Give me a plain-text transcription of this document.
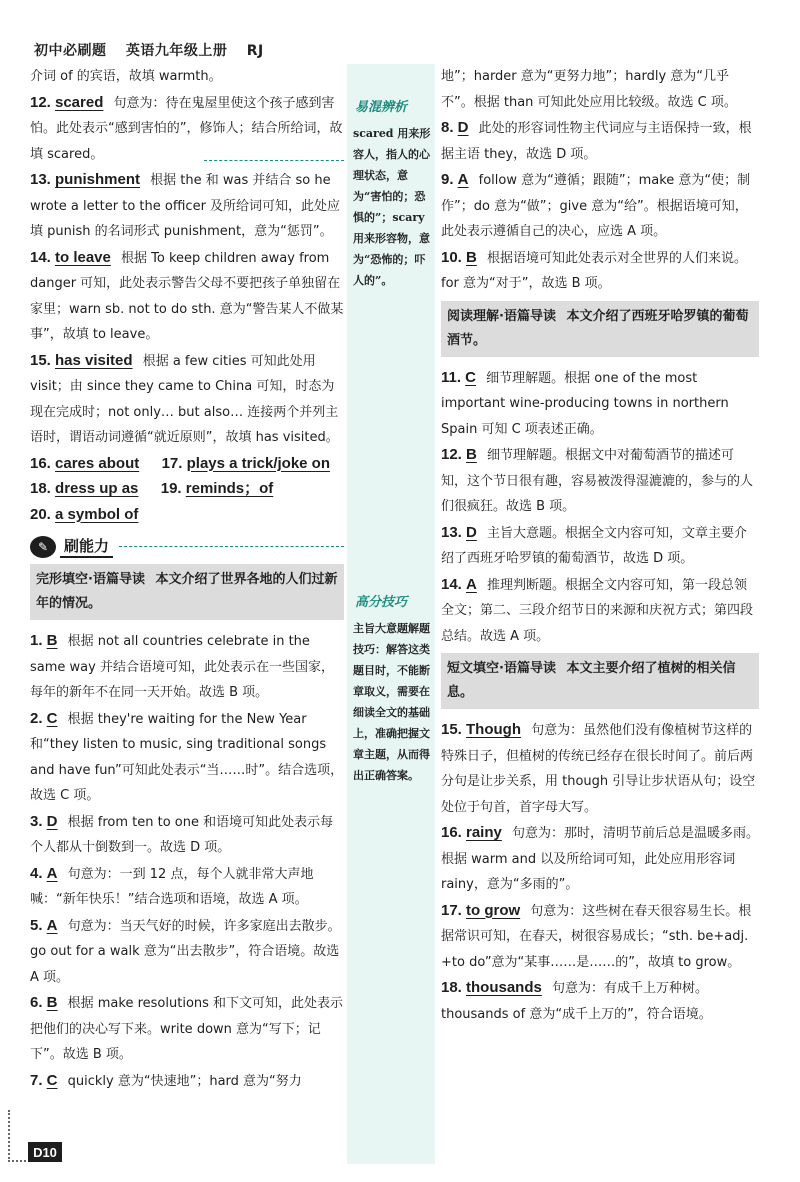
初中必刷题 英语九年级上册 RJ

介词 of 的宾语，故填 warmth。

12. scared 句意为：待在鬼屋里使这个孩子感到害怕。此处表示“感到害怕的”，修饰人；结合所给词，故填 scared。

13. punishment 根据 the 和 was 并结合 so he wrote a letter to the officer 及所给词可知，此处应填 punish 的名词形式 punishment，意为“惩罚”。

14. to leave 根据 To keep children away from danger 可知，此处表示警告父母不要把孩子单独留在家里；warn sb. not to do sth. 意为“警告某人不做某事”，故填 to leave。

15. has visited 根据 a few cities 可知此处用 visit；由 since they came to China 可知，时态为现在完成时；not only… but also… 连接两个并列主语时，谓语动词遵循“就近原则”，故填 has visited。

16. cares about 17. plays a trick/joke on
18. dress up as 19. reminds；of
20. a symbol of
✎	刷能力
完形填空·语篇导读 本文介绍了世界各地的人们过新年的情况。

1. B 根据 not all countries celebrate in the same way 并结合语境可知，此处表示在一些国家，每年的新年不在同一天开始。故选 B 项。

2. C 根据 they're waiting for the New Year 和“they listen to music, sing traditional songs and have fun”可知此处表示“当……时”。结合选项，故选 C 项。

3. D 根据 from ten to one 和语境可知此处表示每个人都从十倒数到一。故选 D 项。

4. A 句意为：一到 12 点，每个人就非常大声地喊：“新年快乐！”结合选项和语境，故选 A 项。

5. A 句意为：当天气好的时候，许多家庭出去散步。go out for a walk 意为“出去散步”，符合语境。故选 A 项。

6. B 根据 make resolutions 和下文可知，此处表示把他们的决心写下来。write down 意为“写下；记下”。故选 B 项。

7. C quickly 意为“快速地”；hard 意为“努力

易混辨析
scared 用来形容人，指人的心理状态，意为“害怕的；恐惧的”；scary 用来形容物，意为“恐怖的；吓人的”。
高分技巧
主旨大意题解题技巧：解答这类题目时，不能断章取义，需要在细读全文的基础上，准确把握文章主题，从而得出正确答案。

地”；harder 意为“更努力地”；hardly 意为“几乎不”。根据 than 可知此处应用比较级。故选 C 项。

8. D 此处的形容词性物主代词应与主语保持一致，根据主语 they，故选 D 项。

9. A follow 意为“遵循；跟随”；make 意为“使；制作”；do 意为“做”；give 意为“给”。根据语境可知，此处表示遵循自己的决心，应选 A 项。

10. B 根据语境可知此处表示对全世界的人们来说。for 意为“对于”，故选 B 项。

阅读理解·语篇导读 本文介绍了西班牙哈罗镇的葡萄酒节。

11. C 细节理解题。根据 one of the most important wine-producing towns in northern Spain 可知 C 项表述正确。

12. B 细节理解题。根据文中对葡萄酒节的描述可知，这个节日很有趣，容易被泼得湿漉漉的，参与的人们很疯狂。故选 B 项。

13. D 主旨大意题。根据全文内容可知，文章主要介绍了西班牙哈罗镇的葡萄酒节，故选 D 项。

14. A 推理判断题。根据全文内容可知，第一段总领全文；第二、三段介绍节日的来源和庆祝方式；第四段总结。故选 A 项。

短文填空·语篇导读 本文主要介绍了植树的相关信息。

15. Though 句意为：虽然他们没有像植树节这样的特殊日子，但植树的传统已经存在很长时间了。前后两分句是让步关系，用 though 引导让步状语从句；设空处位于句首，首字母大写。

16. rainy 句意为：那时，清明节前后总是温暖多雨。根据 warm and 以及所给词可知，此处应用形容词 rainy，意为“多雨的”。

17. to grow 句意为：这些树在春天很容易生长。根据常识可知，在春天，树很容易成长；“sth. be+adj. +to do”意为“某事……是……的”，故填 to grow。

18. thousands 句意为：有成千上万种树。thousands of 意为“成千上万的”，符合语境。

D10
